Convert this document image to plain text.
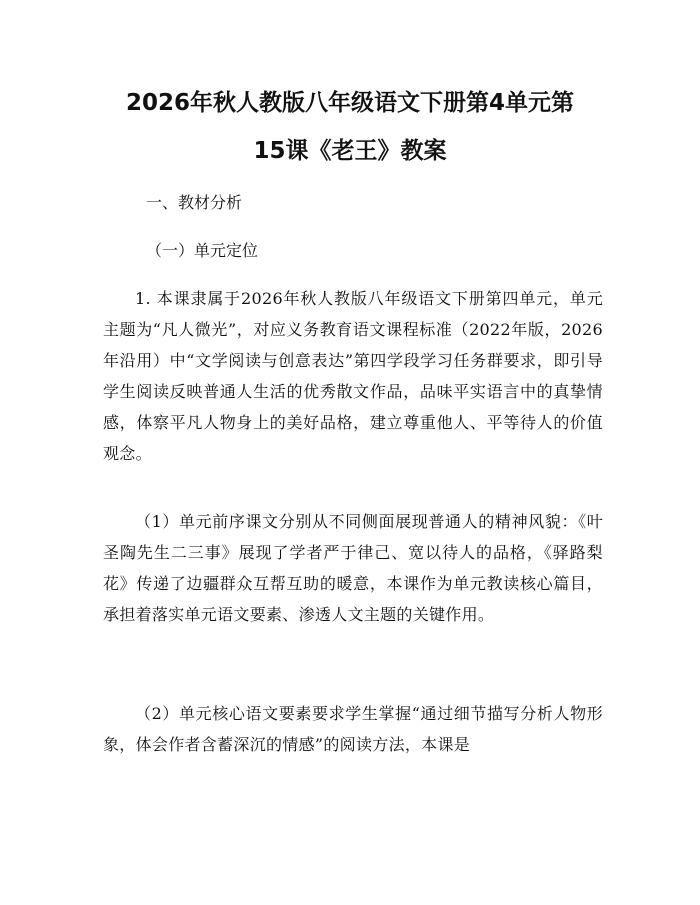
2026年秋人教版八年级语文下册第4单元第
15课《老王》教案
一、教材分析
（一）单元定位
1. 本课隶属于2026年秋人教版八年级语文下册第四单元，单元主题为“凡人微光”，对应义务教育语文课程标准（2022年版，2026年沿用）中“文学阅读与创意表达”第四学段学习任务群要求，即引导学生阅读反映普通人生活的优秀散文作品，品味平实语言中的真挚情感，体察平凡人物身上的美好品格，建立尊重他人、平等待人的价值观念。
（1）单元前序课文分别从不同侧面展现普通人的精神风貌：《叶圣陶先生二三事》展现了学者严于律己、宽以待人的品格，《驿路梨花》传递了边疆群众互帮互助的暖意，本课作为单元教读核心篇目，承担着落实单元语文要素、渗透人文主题的关键作用。
（2）单元核心语文要素要求学生掌握“通过细节描写分析人物形象，体会作者含蓄深沉的情感”的阅读方法，本课是
